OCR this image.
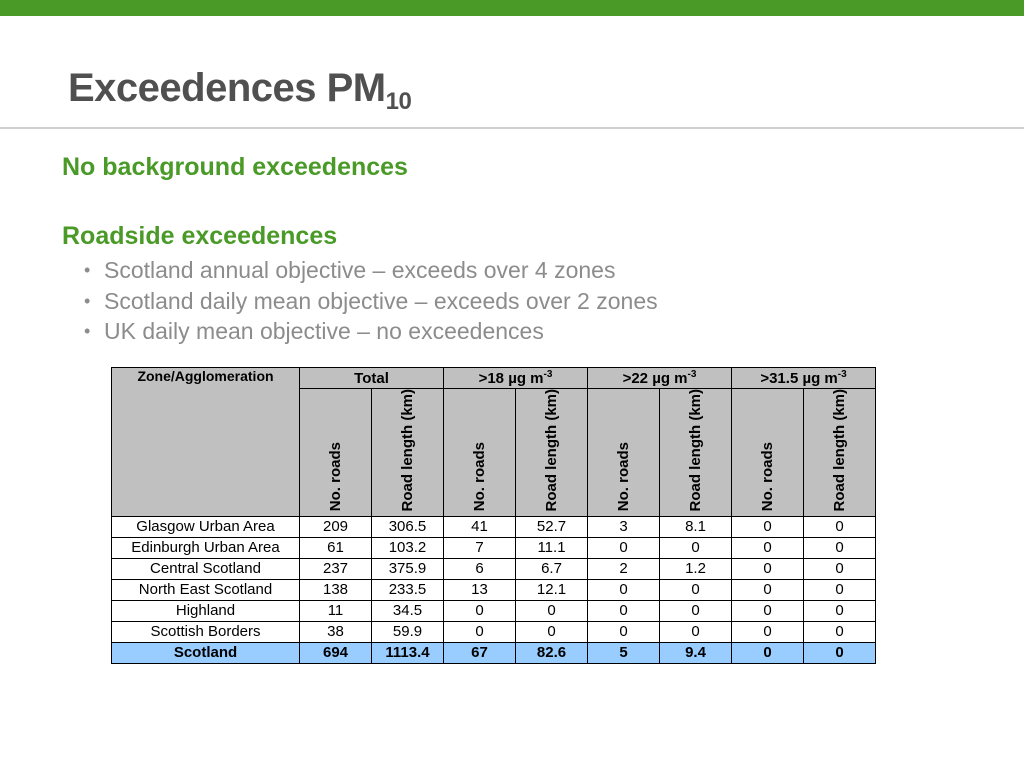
Exceedences $PM_{10}$
No background exceedences
Roadside exceedences
• Scotland annual objective – exceeds over 4 zones
• Scotland daily mean objective – exceeds over 2 zones
• UK daily mean objective – no exceedences
Zone/Agglomeration	Total		>18 µg $m^{-3}$		>22 µg $m^{-3}$		>31.5 µg $m^{-3}$
	No. roads	Road length (km)	No. roads	Road length (km)	No. roads	Road length (km)	No. roads	Road length (km)
Glasgow Urban Area	209	306.5	41	52.7	3	8.1	0	0
Edinburgh Urban Area	61	103.2	7	11.1	0	0	0	0
Central Scotland	237	375.9	6	6.7	2	1.2	0	0
North East Scotland	138	233.5	13	12.1	0	0	0	0
Highland	11	34.5	0	0	0	0	0	0
Scottish Borders	38	59.9	0	0	0	0	0	0
Scotland	694	1113.4	67	82.6	5	9.4	0	0
